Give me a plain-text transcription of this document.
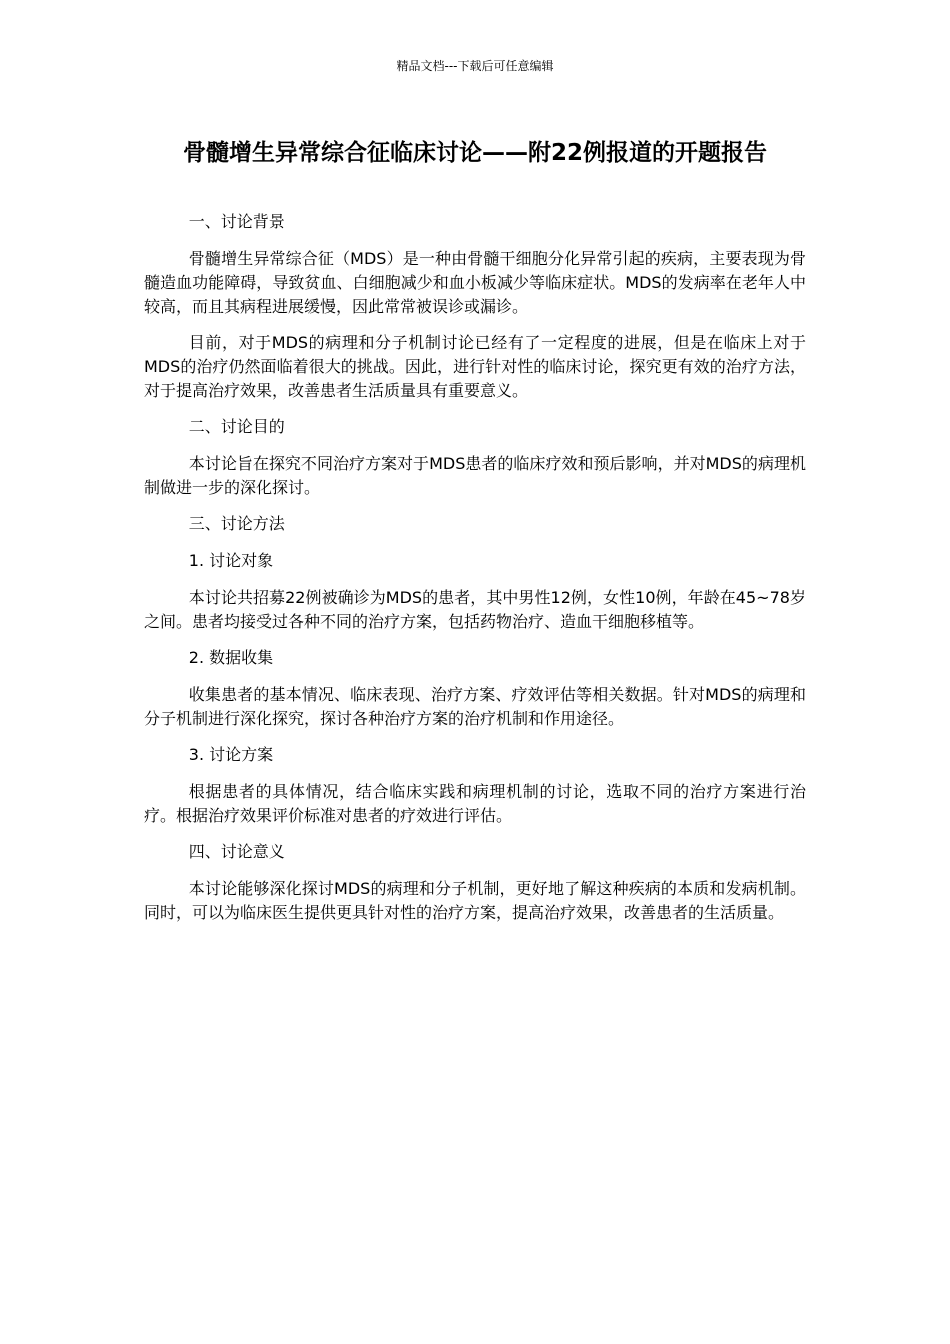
精品文档---下载后可任意编辑
骨髓增生异常综合征临床讨论——附22例报道的开题报告

一、讨论背景

骨髓增生异常综合征（MDS）是一种由骨髓干细胞分化异常引起的疾病，主要表现为骨髓造血功能障碍，导致贫血、白细胞减少和血小板减少等临床症状。MDS的发病率在老年人中较高，而且其病程进展缓慢，因此常常被误诊或漏诊。

目前，对于MDS的病理和分子机制讨论已经有了一定程度的进展，但是在临床上对于MDS的治疗仍然面临着很大的挑战。因此，进行针对性的临床讨论，探究更有效的治疗方法，对于提高治疗效果，改善患者生活质量具有重要意义。

二、讨论目的

本讨论旨在探究不同治疗方案对于MDS患者的临床疗效和预后影响，并对MDS的病理机制做进一步的深化探讨。

三、讨论方法

1. 讨论对象

本讨论共招募22例被确诊为MDS的患者，其中男性12例，女性10例，年龄在45~78岁之间。患者均接受过各种不同的治疗方案，包括药物治疗、造血干细胞移植等。

2. 数据收集

收集患者的基本情况、临床表现、治疗方案、疗效评估等相关数据。针对MDS的病理和分子机制进行深化探究，探讨各种治疗方案的治疗机制和作用途径。

3. 讨论方案

根据患者的具体情况，结合临床实践和病理机制的讨论，选取不同的治疗方案进行治疗。根据治疗效果评价标准对患者的疗效进行评估。

四、讨论意义

本讨论能够深化探讨MDS的病理和分子机制，更好地了解这种疾病的本质和发病机制。同时，可以为临床医生提供更具针对性的治疗方案，提高治疗效果，改善患者的生活质量。
